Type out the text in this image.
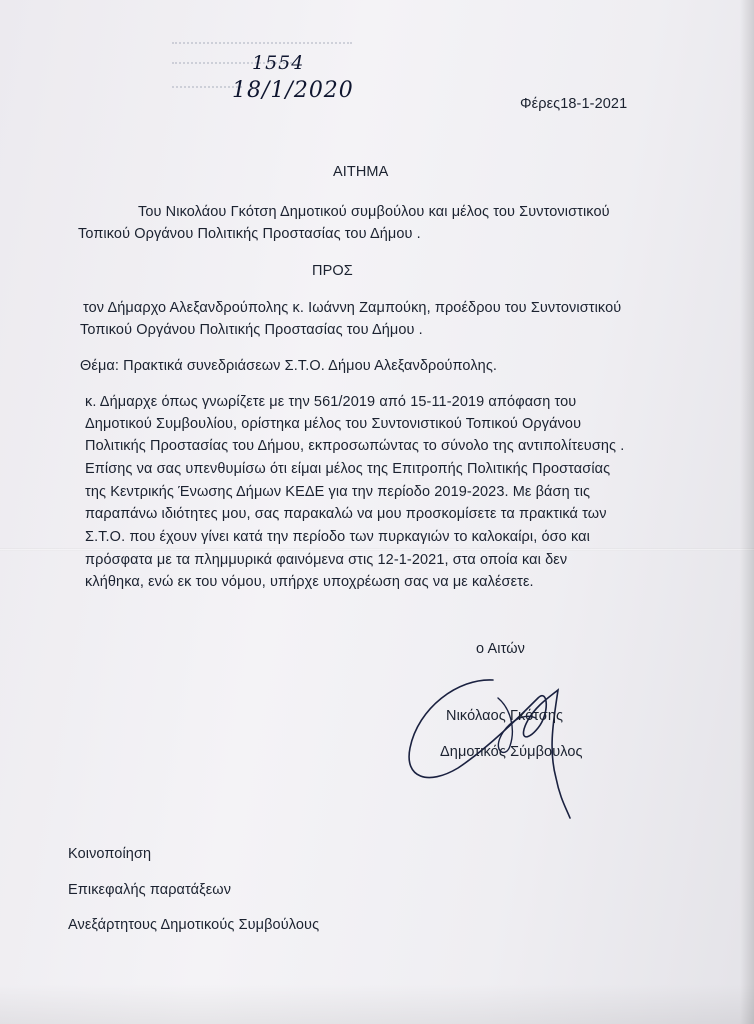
1554
18/1/2020
Φέρες18-1-2021
ΑΙΤΗΜΑ
Του Νικολάου Γκότση Δημοτικού συμβούλου και μέλος του Συντονιστικού
Τοπικού Οργάνου Πολιτικής Προστασίας του Δήμου .
ΠΡΟΣ
τον Δήμαρχο Αλεξανδρούπολης κ. Ιωάννη Ζαμπούκη, προέδρου του Συντονιστικού
Τοπικού Οργάνου Πολιτικής Προστασίας του Δήμου .
Θέμα: Πρακτικά συνεδριάσεων Σ.Τ.Ο. Δήμου Αλεξανδρούπολης.
κ. Δήμαρχε όπως γνωρίζετε με την 561/2019 από 15-11-2019 απόφαση του
Δημοτικού Συμβουλίου, ορίστηκα μέλος του Συντονιστικού Τοπικού Οργάνου
Πολιτικής Προστασίας του Δήμου, εκπροσωπώντας το σύνολο της αντιπολίτευσης .
Επίσης να σας υπενθυμίσω ότι είμαι μέλος της Επιτροπής Πολιτικής Προστασίας
της Κεντρικής Ένωσης Δήμων ΚΕΔΕ για την περίοδο 2019-2023. Με βάση τις
παραπάνω ιδιότητες μου, σας παρακαλώ να μου προσκομίσετε τα πρακτικά των
Σ.Τ.Ο. που έχουν γίνει κατά την περίοδο των πυρκαγιών το καλοκαίρι, όσο και
πρόσφατα με τα πλημμυρικά φαινόμενα στις 12-1-2021, στα οποία και δεν
κλήθηκα, ενώ εκ του νόμου, υπήρχε υποχρέωση σας να με καλέσετε.
ο Αιτών
Νικόλαος Γκότσης
Δημοτικός Σύμβουλος
Κοινοποίηση
Επικεφαλής παρατάξεων
Ανεξάρτητους Δημοτικούς Συμβούλους
